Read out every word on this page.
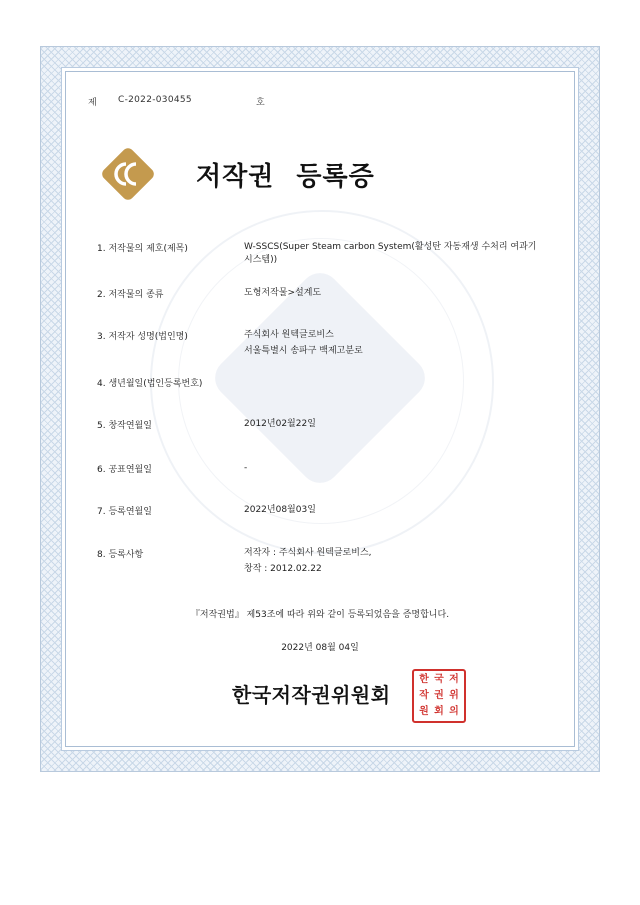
제 C-2022-030455	호
저작권 등록증
1. 저작물의 제호(제목)	W-SSCS(Super Steam carbon System(활성탄 자동재생 수처리 여과기시스템))
2. 저작물의 종류	도형저작물>설계도
3. 저작자 성명(법인명)	주식회사 원텍글로비스
서울특별시 송파구 백제고분로
4. 생년월일(법인등록번호)
5. 창작연월일	2012년02월22일
6. 공표연월일	-
7. 등록연월일	2022년08월03일
8. 등록사항	저작자 : 주식회사 원텍글로비스,
창작 : 2012.02.22
『저작권법』 제53조에 따라 위와 같이 등록되었음을 증명합니다.
2022년 08월 04일
한국저작권위원회
한 국 저
작 권 위
원 회 의
